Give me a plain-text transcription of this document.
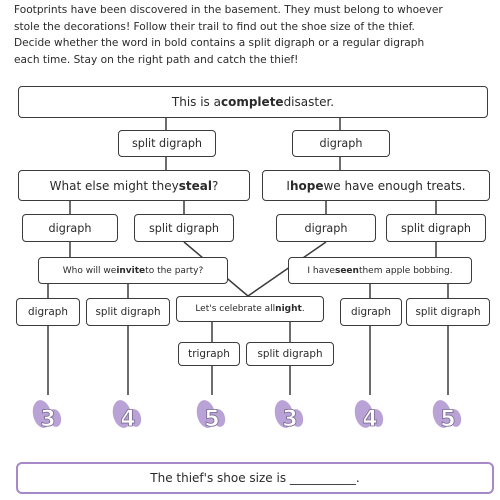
Footprints have been discovered in the basement. They must belong to whoever

stole the decorations! Follow their trail to find out the shoe size of the thief.

Decide whether the word in bold contains a split digraph or a regular digraph

each time. Stay on the right path and catch the thief!

This is a complete disaster.
split digraph	digraph
What else might they steal ?	I hope we have enough treats.
digraph	split digraph	digraph	split digraph
Who will we invite to the party?	I have seen them apple bobbing.
digraph	split digraph	Let's celebrate all night .	digraph split digraph
trigraph	split digraph
3	4	5	3	4	5
The thief's shoe size is ___________.
